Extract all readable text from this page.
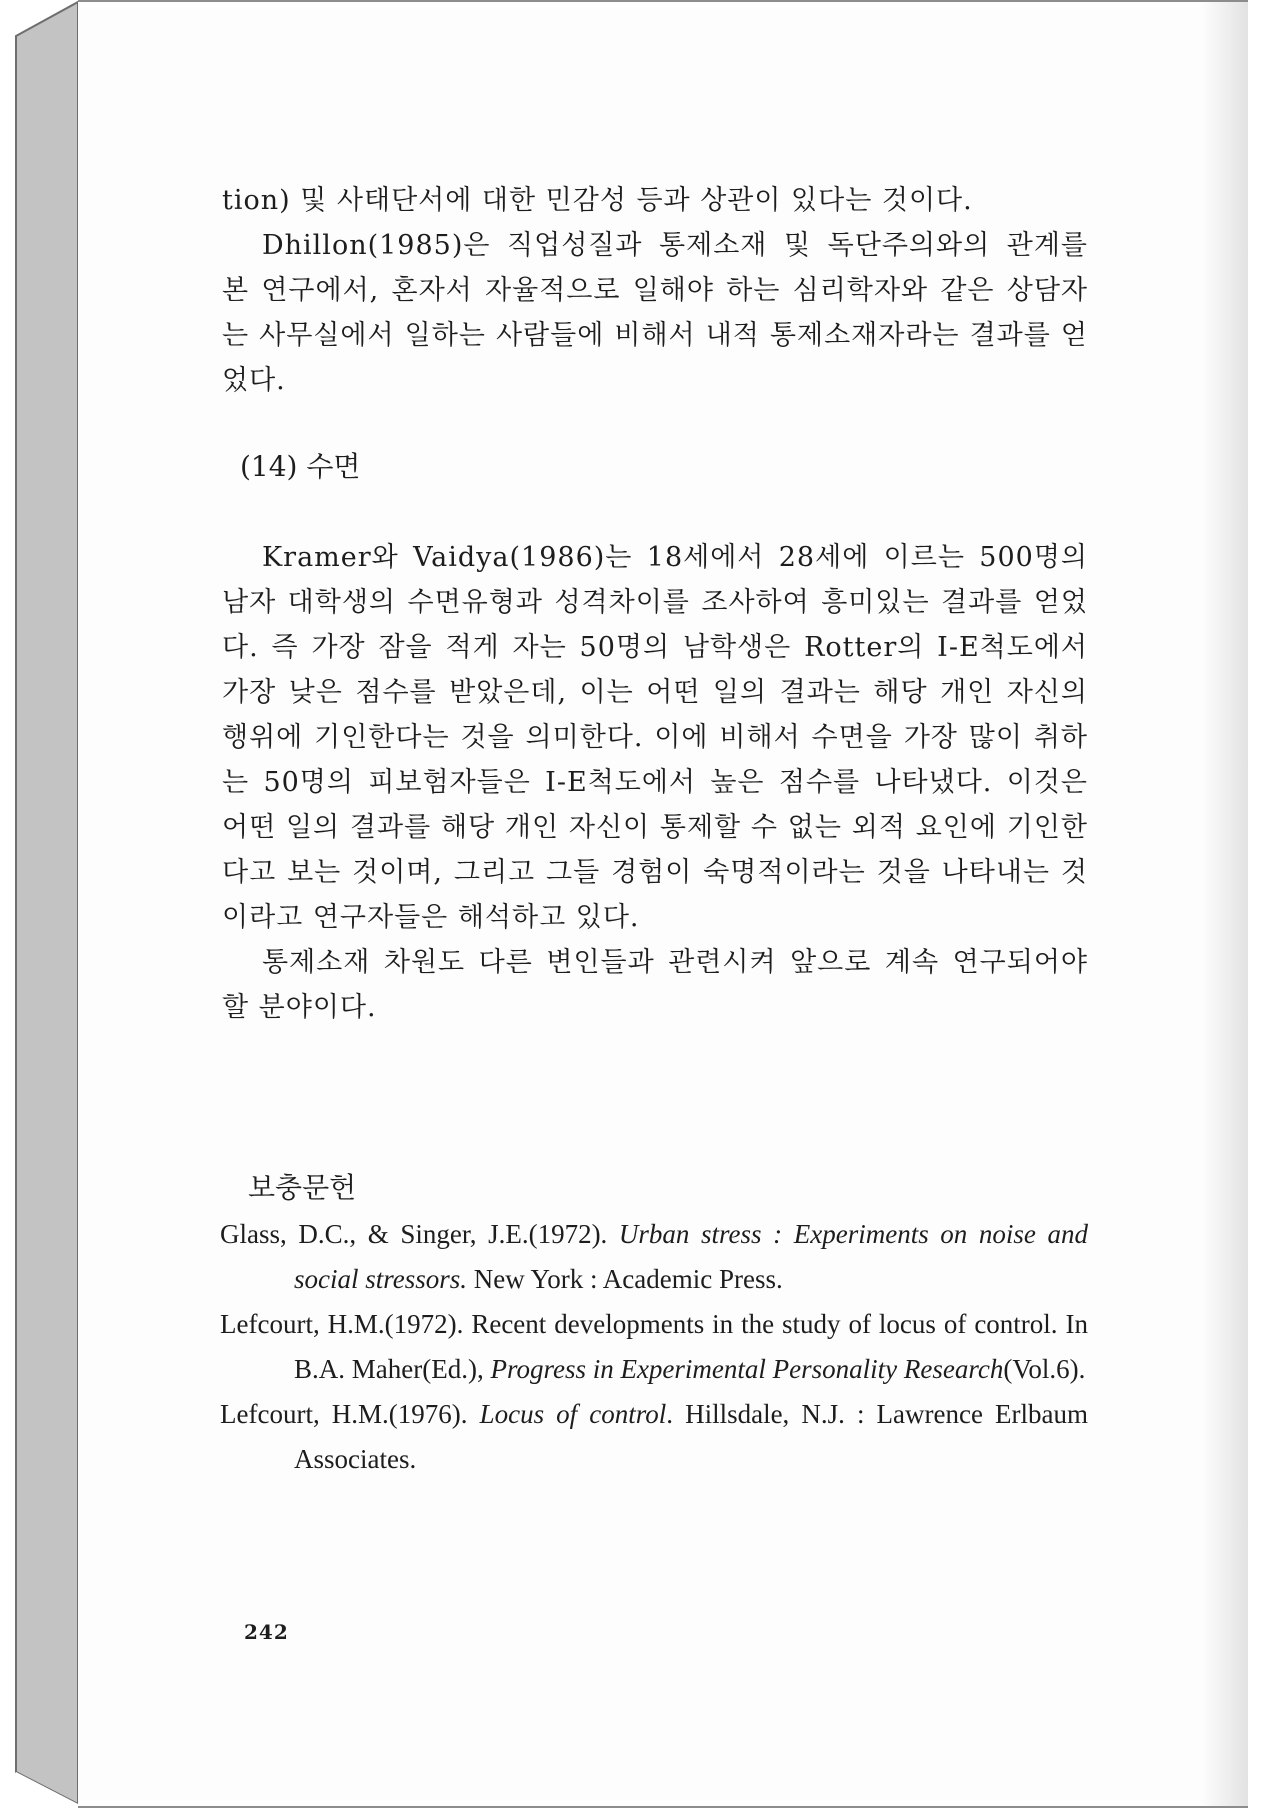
tion) 및 사태단서에 대한 민감성 등과 상관이 있다는 것이다.

Dhillon(1985)은 직업성질과 통제소재 및 독단주의와의 관계를 본 연구에서, 혼자서 자율적으로 일해야 하는 심리학자와 같은 상담자는 사무실에서 일하는 사람들에 비해서 내적 통제소재자라는 결과를 얻었다.

(14) 수면

Kramer와 Vaidya(1986)는 18세에서 28세에 이르는 500명의 남자 대학생의 수면유형과 성격차이를 조사하여 흥미있는 결과를 얻었다. 즉 가장 잠을 적게 자는 50명의 남학생은 Rotter의 I-E척도에서 가장 낮은 점수를 받았은데, 이는 어떤 일의 결과는 해당 개인 자신의 행위에 기인한다는 것을 의미한다. 이에 비해서 수면을 가장 많이 취하는 50명의 피보험자들은 I-E척도에서 높은 점수를 나타냈다. 이것은 어떤 일의 결과를 해당 개인 자신이 통제할 수 없는 외적 요인에 기인한다고 보는 것이며, 그리고 그들 경험이 숙명적이라는 것을 나타내는 것이라고 연구자들은 해석하고 있다.

통제소재 차원도 다른 변인들과 관련시켜 앞으로 계속 연구되어야 할 분야이다.

보충문헌

Glass, D.C., & Singer, J.E.(1972). Urban stress : Experiments on noise and social stressors. New York : Academic Press.

Lefcourt, H.M.(1972). Recent developments in the study of locus of control. In B.A. Maher(Ed.), Progress in Experimental Personality Research(Vol.6).

Lefcourt, H.M.(1976). Locus of control. Hillsdale, N.J. : Lawrence Erlbaum Associates.

242
